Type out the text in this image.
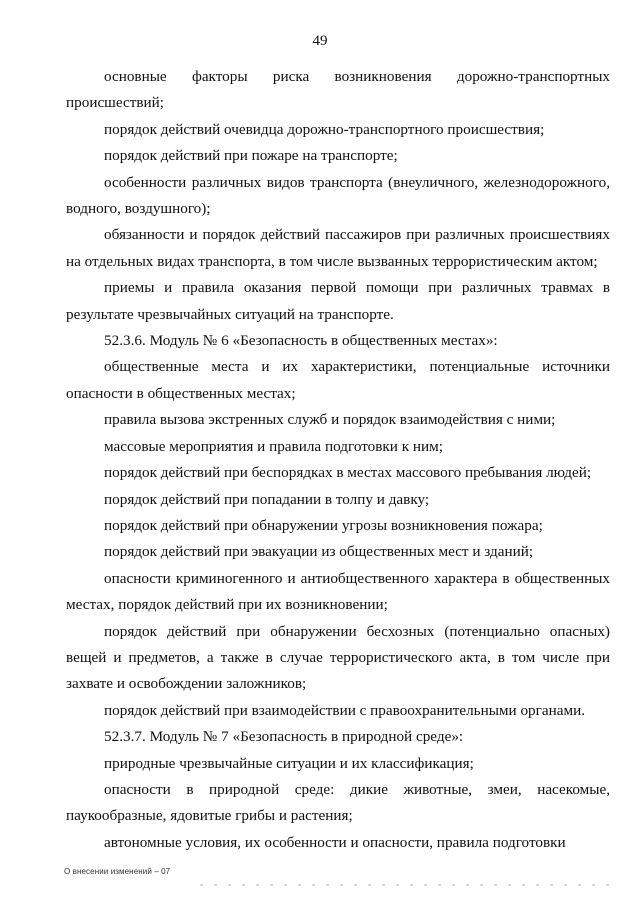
49

основные факторы риска возникновения дорожно-транспортных происшествий;

порядок действий очевидца дорожно-транспортного происшествия;

порядок действий при пожаре на транспорте;

особенности различных видов транспорта (внеуличного, железнодорожного, водного, воздушного);

обязанности и порядок действий пассажиров при различных происшествиях на отдельных видах транспорта, в том числе вызванных террористическим актом;

приемы и правила оказания первой помощи при различных травмах в результате чрезвычайных ситуаций на транспорте.

52.3.6. Модуль № 6 «Безопасность в общественных местах»:

общественные места и их характеристики, потенциальные источники опасности в общественных местах;

правила вызова экстренных служб и порядок взаимодействия с ними;

массовые мероприятия и правила подготовки к ним;

порядок действий при беспорядках в местах массового пребывания людей;

порядок действий при попадании в толпу и давку;

порядок действий при обнаружении угрозы возникновения пожара;

порядок действий при эвакуации из общественных мест и зданий;

опасности криминогенного и антиобщественного характера в общественных местах, порядок действий при их возникновении;

порядок действий при обнаружении бесхозных (потенциально опасных) вещей и предметов, а также в случае террористического акта, в том числе при захвате и освобождении заложников;

порядок действий при взаимодействии с правоохранительными органами.

52.3.7. Модуль № 7 «Безопасность в природной среде»:

природные чрезвычайные ситуации и их классификация;

опасности в природной среде: дикие животные, змеи, насекомые, паукообразные, ядовитые грибы и растения;

автономные условия, их особенности и опасности, правила подготовки

О внесении изменений – 07
